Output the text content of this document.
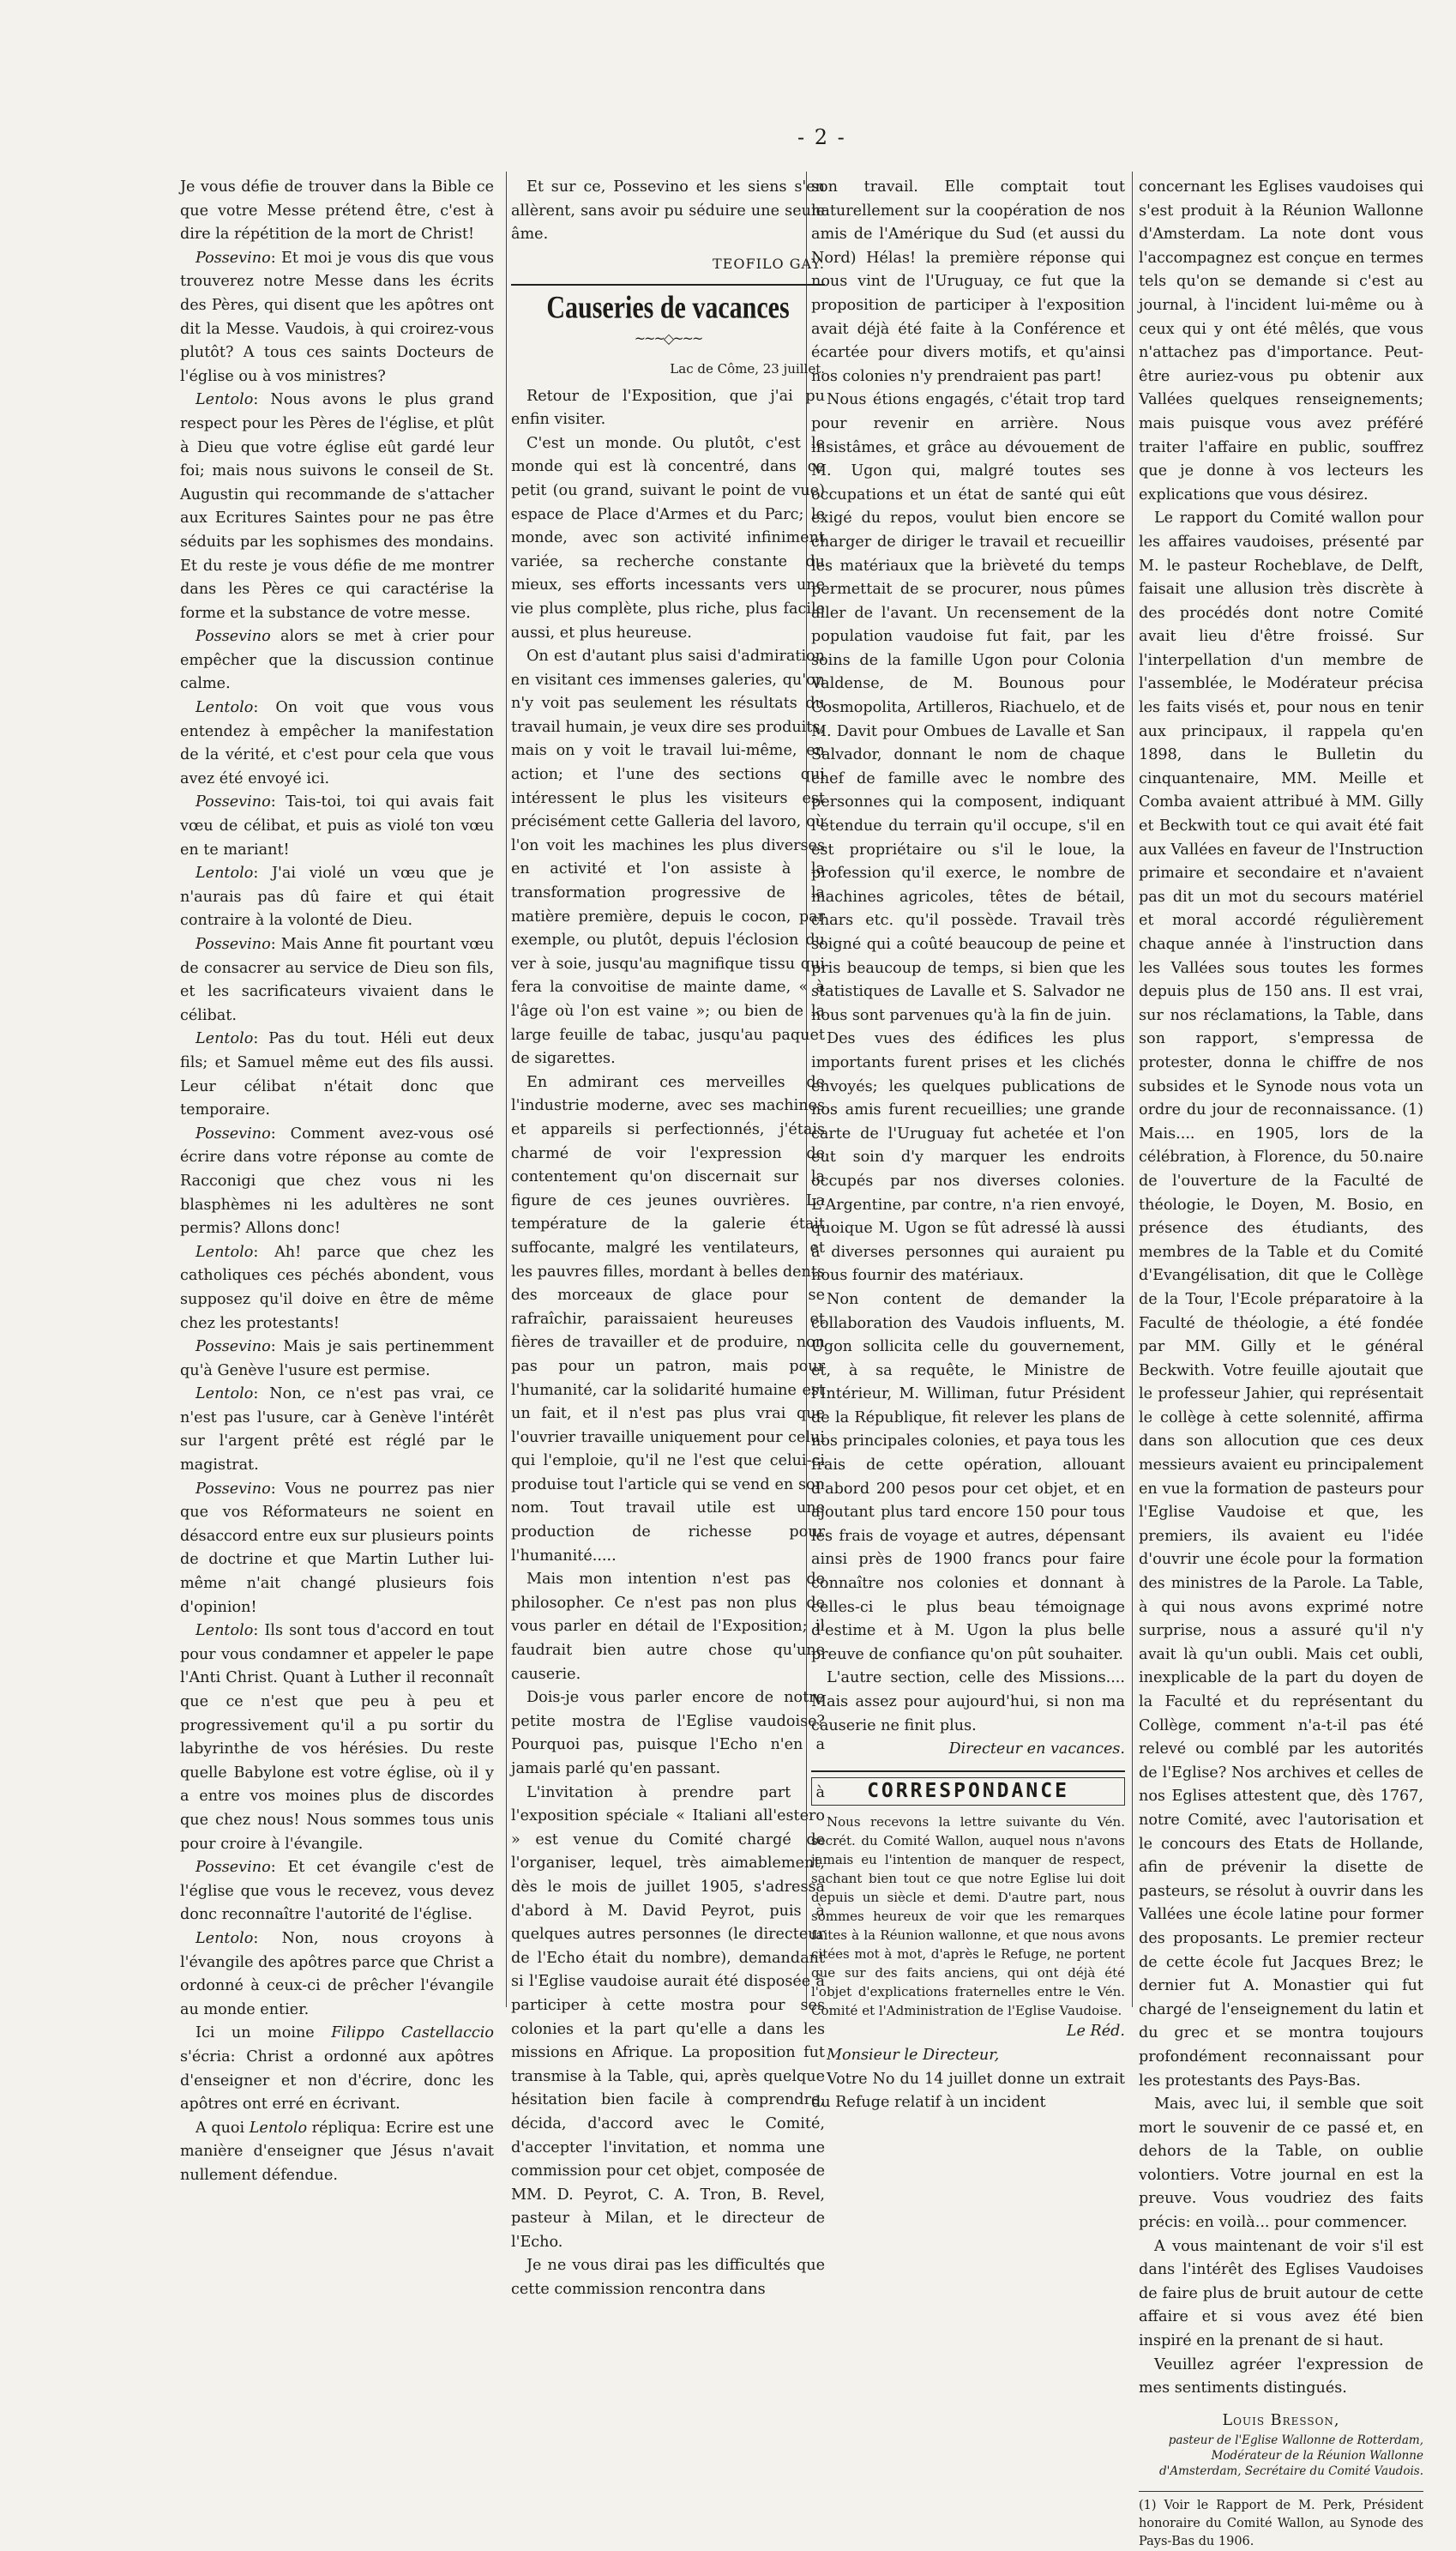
- 2 -

Je vous défie de trouver dans la Bible ce que votre Messe prétend être, c'est à dire la répétition de la mort de Christ!

Possevino: Et moi je vous dis que vous trouverez notre Messe dans les écrits des Pères, qui disent que les apôtres ont dit la Messe. Vaudois, à qui croirez-vous plutôt? A tous ces saints Docteurs de l'église ou à vos ministres?

Lentolo: Nous avons le plus grand respect pour les Pères de l'église, et plût à Dieu que votre église eût gardé leur foi; mais nous suivons le conseil de St. Augustin qui recommande de s'attacher aux Ecritures Saintes pour ne pas être séduits par les sophismes des mondains. Et du reste je vous défie de me montrer dans les Pères ce qui caractérise la forme et la substance de votre messe.

Possevino alors se met à crier pour empêcher que la discussion continue calme.

Lentolo: On voit que vous vous entendez à empêcher la manifestation de la vérité, et c'est pour cela que vous avez été envoyé ici.

Possevino: Tais-toi, toi qui avais fait vœu de célibat, et puis as violé ton vœu en te mariant!

Lentolo: J'ai violé un vœu que je n'aurais pas dû faire et qui était contraire à la volonté de Dieu.

Possevino: Mais Anne fit pourtant vœu de consacrer au service de Dieu son fils, et les sacrificateurs vivaient dans le célibat.

Lentolo: Pas du tout. Héli eut deux fils; et Samuel même eut des fils aussi. Leur célibat n'était donc que temporaire.

Possevino: Comment avez-vous osé écrire dans votre réponse au comte de Racconigi que chez vous ni les blasphèmes ni les adultères ne sont permis? Allons donc!

Lentolo: Ah! parce que chez les catholiques ces péchés abondent, vous supposez qu'il doive en être de même chez les protestants!

Possevino: Mais je sais pertinemment qu'à Genève l'usure est permise.

Lentolo: Non, ce n'est pas vrai, ce n'est pas l'usure, car à Genève l'intérêt sur l'argent prêté est réglé par le magistrat.

Possevino: Vous ne pourrez pas nier que vos Réformateurs ne soient en désaccord entre eux sur plusieurs points de doctrine et que Martin Luther lui-même n'ait changé plusieurs fois d'opinion!

Lentolo: Ils sont tous d'accord en tout pour vous condamner et appeler le pape l'Anti Christ. Quant à Luther il reconnaît que ce n'est que peu à peu et progressivement qu'il a pu sortir du labyrinthe de vos hérésies. Du reste quelle Babylone est votre église, où il y a entre vos moines plus de discordes que chez nous! Nous sommes tous unis pour croire à l'évangile.

Possevino: Et cet évangile c'est de l'église que vous le recevez, vous devez donc reconnaître l'autorité de l'église.

Lentolo: Non, nous croyons à l'évangile des apôtres parce que Christ a ordonné à ceux-ci de prêcher l'évangile au monde entier.

Ici un moine Filippo Castellaccio s'écria: Christ a ordonné aux apôtres d'enseigner et non d'écrire, donc les apôtres ont erré en écrivant.

A quoi Lentolo répliqua: Ecrire est une manière d'enseigner que Jésus n'avait nullement défendue.

Et sur ce, Possevino et les siens s'en allèrent, sans avoir pu séduire une seule âme.

TEOFILO GAY.
Causeries de vacances
~~~◇~~~
Lac de Côme, 23 juillet.

Retour de l'Exposition, que j'ai pu enfin visiter.

C'est un monde. Ou plutôt, c'est le monde qui est là concentré, dans ce petit (ou grand, suivant le point de vue) espace de Place d'Armes et du Parc; le monde, avec son activité infiniment variée, sa recherche constante du mieux, ses efforts incessants vers une vie plus complète, plus riche, plus facile aussi, et plus heureuse.

On est d'autant plus saisi d'admiration en visitant ces immenses galeries, qu'on n'y voit pas seulement les résultats du travail humain, je veux dire ses produits, mais on y voit le travail lui-même, en action; et l'une des sections qui intéressent le plus les visiteurs est précisément cette Galleria del lavoro, où l'on voit les machines les plus diverses en activité et l'on assiste à la transformation progressive de la matière première, depuis le cocon, par exemple, ou plutôt, depuis l'éclosion du ver à soie, jusqu'au magnifique tissu qui fera la convoitise de mainte dame, « à l'âge où l'on est vaine »; ou bien de la large feuille de tabac, jusqu'au paquet de sigarettes.

En admirant ces merveilles de l'industrie moderne, avec ses machines et appareils si perfectionnés, j'étais charmé de voir l'expression de contentement qu'on discernait sur la figure de ces jeunes ouvrières. La température de la galerie était suffocante, malgré les ventilateurs, et les pauvres filles, mordant à belles dents des morceaux de glace pour se rafraîchir, paraissaient heureuses et fières de travailler et de produire, non pas pour un patron, mais pour l'humanité, car la solidarité humaine est un fait, et il n'est pas plus vrai que l'ouvrier travaille uniquement pour celui qui l'emploie, qu'il ne l'est que celui-ci produise tout l'article qui se vend en son nom. Tout travail utile est une production de richesse pour l'humanité.....

Mais mon intention n'est pas de philosopher. Ce n'est pas non plus de vous parler en détail de l'Exposition; il faudrait bien autre chose qu'une causerie.

Dois-je vous parler encore de notre petite mostra de l'Eglise vaudoise? Pourquoi pas, puisque l'Echo n'en a jamais parlé qu'en passant.

L'invitation à prendre part à l'exposition spéciale « Italiani all'estero » est venue du Comité chargé de l'organiser, lequel, très aimablement, dès le mois de juillet 1905, s'adressa d'abord à M. David Peyrot, puis à quelques autres personnes (le directeur de l'Echo était du nombre), demandant si l'Eglise vaudoise aurait été disposée à participer à cette mostra pour ses colonies et la part qu'elle a dans les missions en Afrique. La proposition fut transmise à la Table, qui, après quelque hésitation bien facile à comprendre, décida, d'accord avec le Comité, d'accepter l'invitation, et nomma une commission pour cet objet, composée de MM. D. Peyrot, C. A. Tron, B. Revel, pasteur à Milan, et le directeur de l'Echo.

Je ne vous dirai pas les difficultés que cette commission rencontra dans

son travail. Elle comptait tout naturellement sur la coopération de nos amis de l'Amérique du Sud (et aussi du Nord) Hélas! la première réponse qui nous vint de l'Uruguay, ce fut que la proposition de participer à l'exposition avait déjà été faite à la Conférence et écartée pour divers motifs, et qu'ainsi nos colonies n'y prendraient pas part!

Nous étions engagés, c'était trop tard pour revenir en arrière. Nous insistâmes, et grâce au dévouement de M. Ugon qui, malgré toutes ses occupations et un état de santé qui eût exigé du repos, voulut bien encore se charger de diriger le travail et recueillir les matériaux que la brièveté du temps permettait de se procurer, nous pûmes aller de l'avant. Un recensement de la population vaudoise fut fait, par les soins de la famille Ugon pour Colonia Valdense, de M. Bounous pour Cosmopolita, Artilleros, Riachuelo, et de M. Davit pour Ombues de Lavalle et San Salvador, donnant le nom de chaque chef de famille avec le nombre des personnes qui la composent, indiquant l'étendue du terrain qu'il occupe, s'il en est propriétaire ou s'il le loue, la profession qu'il exerce, le nombre de machines agricoles, têtes de bétail, chars etc. qu'il possède. Travail très soigné qui a coûté beaucoup de peine et pris beaucoup de temps, si bien que les statistiques de Lavalle et S. Salvador ne nous sont parvenues qu'à la fin de juin.

Des vues des édifices les plus importants furent prises et les clichés envoyés; les quelques publications de nos amis furent recueillies; une grande carte de l'Uruguay fut achetée et l'on eut soin d'y marquer les endroits occupés par nos diverses colonies. L'Argentine, par contre, n'a rien envoyé, quoique M. Ugon se fût adressé là aussi à diverses personnes qui auraient pu nous fournir des matériaux.

Non content de demander la collaboration des Vaudois influents, M. Ugon sollicita celle du gouvernement, et, à sa requête, le Ministre de l'Intérieur, M. Williman, futur Président de la République, fit relever les plans de nos principales colonies, et paya tous les frais de cette opération, allouant d'abord 200 pesos pour cet objet, et en ajoutant plus tard encore 150 pour tous les frais de voyage et autres, dépensant ainsi près de 1900 francs pour faire connaître nos colonies et donnant à celles-ci le plus beau témoignage d'estime et à M. Ugon la plus belle preuve de confiance qu'on pût souhaiter.

L'autre section, celle des Missions.... Mais assez pour aujourd'hui, si non ma causerie ne finit plus.

Directeur en vacances.
CORRESPONDANCE

Nous recevons la lettre suivante du Vén. secrét. du Comité Wallon, auquel nous n'avons jamais eu l'intention de manquer de respect, sachant bien tout ce que notre Eglise lui doit depuis un siècle et demi. D'autre part, nous sommes heureux de voir que les remarques faites à la Réunion wallonne, et que nous avons citées mot à mot, d'après le Refuge, ne portent que sur des faits anciens, qui ont déjà été l'objet d'explications fraternelles entre le Vén. Comité et l'Administration de l'Eglise Vaudoise.

Le Réd.

Monsieur le Directeur,

Votre No du 14 juillet donne un extrait du Refuge relatif à un incident

concernant les Eglises vaudoises qui s'est produit à la Réunion Wallonne d'Amsterdam. La note dont vous l'accompagnez est conçue en termes tels qu'on se demande si c'est au journal, à l'incident lui-même ou à ceux qui y ont été mêlés, que vous n'attachez pas d'importance. Peut-être auriez-vous pu obtenir aux Vallées quelques renseignements; mais puisque vous avez préféré traiter l'affaire en public, souffrez que je donne à vos lecteurs les explications que vous désirez.

Le rapport du Comité wallon pour les affaires vaudoises, présenté par M. le pasteur Rocheblave, de Delft, faisait une allusion très discrète à des procédés dont notre Comité avait lieu d'être froissé. Sur l'interpellation d'un membre de l'assemblée, le Modérateur précisa les faits visés et, pour nous en tenir aux principaux, il rappela qu'en 1898, dans le Bulletin du cinquantenaire, MM. Meille et Comba avaient attribué à MM. Gilly et Beckwith tout ce qui avait été fait aux Vallées en faveur de l'Instruction primaire et secondaire et n'avaient pas dit un mot du secours matériel et moral accordé régulièrement chaque année à l'instruction dans les Vallées sous toutes les formes depuis plus de 150 ans. Il est vrai, sur nos réclamations, la Table, dans son rapport, s'empressa de protester, donna le chiffre de nos subsides et le Synode nous vota un ordre du jour de reconnaissance. (1) Mais.... en 1905, lors de la célébration, à Florence, du 50.naire de l'ouverture de la Faculté de théologie, le Doyen, M. Bosio, en présence des étudiants, des membres de la Table et du Comité d'Evangélisation, dit que le Collège de la Tour, l'Ecole préparatoire à la Faculté de théologie, a été fondée par MM. Gilly et le général Beckwith. Votre feuille ajoutait que le professeur Jahier, qui représentait le collège à cette solennité, affirma dans son allocution que ces deux messieurs avaient eu principalement en vue la formation de pasteurs pour l'Eglise Vaudoise et que, les premiers, ils avaient eu l'idée d'ouvrir une école pour la formation des ministres de la Parole. La Table, à qui nous avons exprimé notre surprise, nous a assuré qu'il n'y avait là qu'un oubli. Mais cet oubli, inexplicable de la part du doyen de la Faculté et du représentant du Collège, comment n'a-t-il pas été relevé ou comblé par les autorités de l'Eglise? Nos archives et celles de nos Eglises attestent que, dès 1767, notre Comité, avec l'autorisation et le concours des Etats de Hollande, afin de prévenir la disette de pasteurs, se résolut à ouvrir dans les Vallées une école latine pour former des proposants. Le premier recteur de cette école fut Jacques Brez; le dernier fut A. Monastier qui fut chargé de l'enseignement du latin et du grec et se montra toujours profondément reconnaissant pour les protestants des Pays-Bas.

Mais, avec lui, il semble que soit mort le souvenir de ce passé et, en dehors de la Table, on oublie volontiers. Votre journal en est la preuve. Vous voudriez des faits précis: en voilà... pour commencer.

A vous maintenant de voir s'il est dans l'intérêt des Eglises Vaudoises de faire plus de bruit autour de cette affaire et si vous avez été bien inspiré en la prenant de si haut.

Veuillez agréer l'expression de mes sentiments distingués.

Louis Bresson,
pasteur de l'Eglise Wallonne de Rotterdam, Modérateur de la Réunion Wallonne d'Amsterdam, Secrétaire du Comité Vaudois.
(1) Voir le Rapport de M. Perk, Président honoraire du Comité Wallon, au Synode des Pays-Bas du 1906.
